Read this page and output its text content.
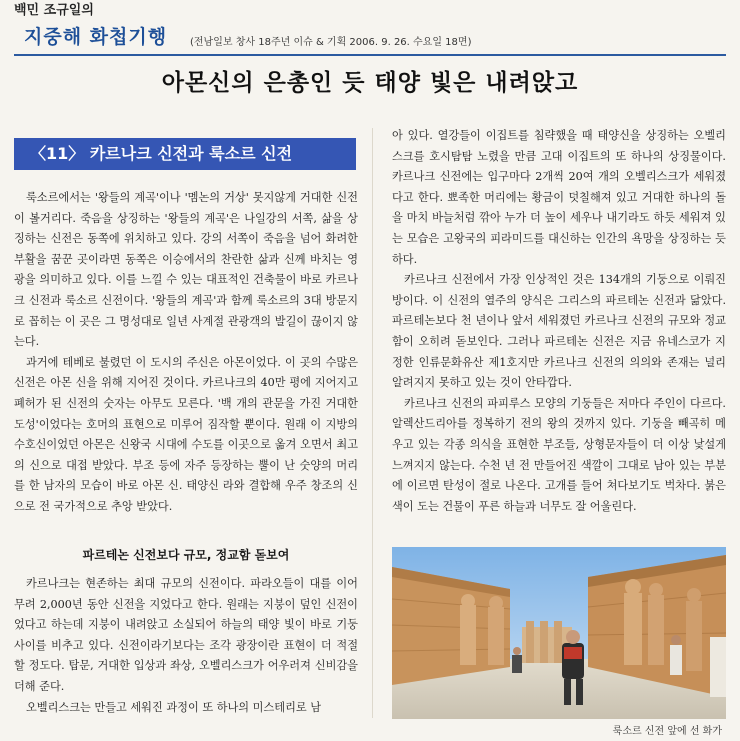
백민 조규일의
지중해 화첩기행 (전남일보 창사 18주년 이슈 & 기획 2006. 9. 26. 수요일 18면)
아몬신의 은총인 듯 태양 빛은 내려앉고
〈11〉 카르나크 신전과 룩소르 신전

룩소르에서는 '왕들의 계곡'이나 '멤논의 거상' 못지않게 거대한 신전이 볼거리다. 죽음을 상징하는 '왕들의 계곡'은 나일강의 서쪽, 삶을 상징하는 신전은 동쪽에 위치하고 있다. 강의 서쪽이 죽음을 넘어 화려한 부활을 꿈꾼 곳이라면 동쪽은 이승에서의 찬란한 삶과 신께 바치는 영광을 의미하고 있다. 이를 느낄 수 있는 대표적인 건축물이 바로 카르나크 신전과 룩소르 신전이다. '왕들의 계곡'과 함께 룩소르의 3대 방문지로 꼽히는 이 곳은 그 명성대로 일년 사계절 관광객의 발길이 끊이지 않는다.

과거에 테베로 불렸던 이 도시의 주신은 아몬이었다. 이 곳의 수많은 신전은 아몬 신을 위해 지어진 것이다. 카르나크의 40만 평에 지어지고 폐허가 된 신전의 숫자는 아무도 모른다. '백 개의 관문을 가진 거대한 도성'이었다는 호머의 표현으로 미루어 짐작할 뿐이다. 원래 이 지방의 수호신이었던 아몬은 신왕국 시대에 수도를 이곳으로 옮겨 오면서 최고의 신으로 대접 받았다. 부조 등에 자주 등장하는 뿔이 난 숫양의 머리를 한 남자의 모습이 바로 아몬 신. 태양신 라와 결합해 우주 창조의 신으로 전 국가적으로 추앙 받았다.

파르테논 신전보다 규모, 정교함 돋보여

카르나크는 현존하는 최대 규모의 신전이다. 파라오들이 대를 이어 무려 2,000년 동안 신전을 지었다고 한다. 원래는 지붕이 덮인 신전이었다고 하는데 지붕이 내려앉고 소실되어 하늘의 태양 빛이 바로 기둥 사이를 비추고 있다. 신전이라기보다는 조각 광장이란 표현이 더 적절할 정도다. 탑문, 거대한 입상과 좌상, 오벨리스크가 어우러져 신비감을 더해 준다.

오벨리스크는 만들고 세워진 과정이 또 하나의 미스테리로 남

아 있다. 열강들이 이집트를 침략했을 때 태양신을 상징하는 오벨리스크를 호시탐탐 노렸을 만큼 고대 이집트의 또 하나의 상징물이다. 카르나크 신전에는 입구마다 2개씩 20여 개의 오벨리스크가 세워졌다고 한다. 뾰족한 머리에는 황금이 덧칠해져 있고 거대한 하나의 돌을 마치 바늘처럼 깎아 누가 더 높이 세우나 내기라도 하듯 세워져 있는 모습은 고왕국의 피라미드를 대신하는 인간의 욕망을 상징하는 듯하다.

카르나크 신전에서 가장 인상적인 것은 134개의 기둥으로 이뤄진 방이다. 이 신전의 열주의 양식은 그리스의 파르테논 신전과 닮았다. 파르테논보다 천 년이나 앞서 세워졌던 카르나크 신전의 규모와 정교함이 오히려 돋보인다. 그러나 파르테논 신전은 지금 유네스코가 지정한 인류문화유산 제1호지만 카르나크 신전의 의의와 존재는 널리 알려지지 못하고 있는 것이 안타깝다.

카르나크 신전의 파피루스 모양의 기둥들은 저마다 주인이 다르다. 알렉산드리아를 정복하기 전의 왕의 것까지 있다. 기둥을 빼곡히 메우고 있는 각종 의식을 표현한 부조들, 상형문자들이 더 이상 낯설게 느껴지지 않는다. 수천 년 전 만들어진 색깔이 그대로 남아 있는 부분에 이르면 탄성이 절로 나온다. 고개를 들어 쳐다보기도 벅차다. 붉은 색이 도는 건물이 푸른 하늘과 너무도 잘 어울린다.

룩소르 신전 앞에 선 화가
